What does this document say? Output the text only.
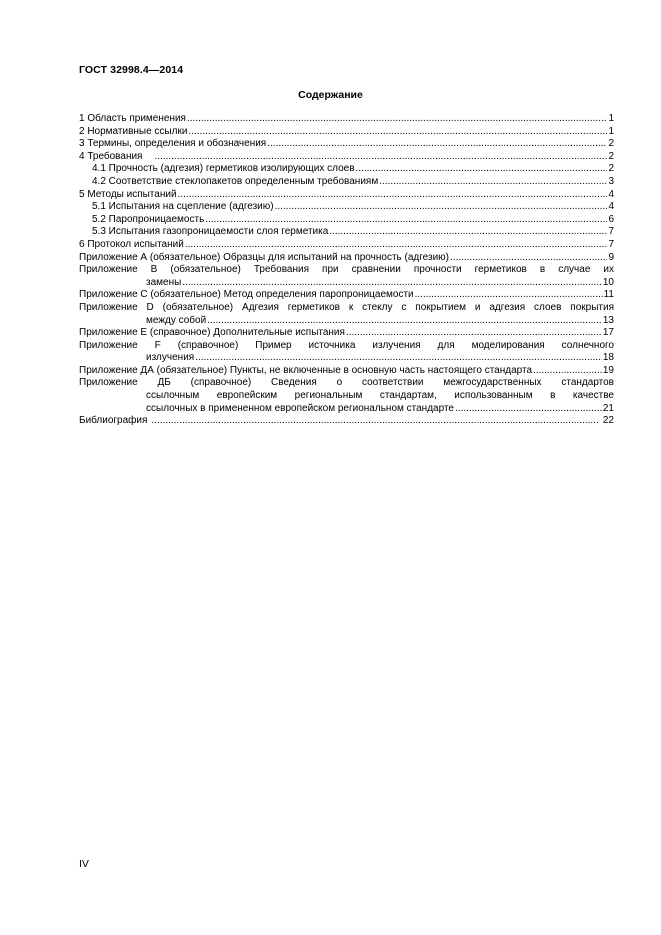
ГОСТ 32998.4—2014
Содержание
1 Область применения .....	1
2 Нормативные ссылки .....	1
3 Термины, определения и обозначения .....	2
4 Требования .....	2
4.1 Прочность (адгезия) герметиков изолирующих слоев .....	2
4.2 Соответствие стеклопакетов определенным требованиям .....	3
5 Методы испытаний .....	4
5.1 Испытания на сцепление (адгезию) .....	4
5.2 Паропроницаемость .....	6
5.3 Испытания газопроницаемости слоя герметика .....	7
6 Протокол испытаний .....	7
Приложение А (обязательное) Образцы для испытаний на прочность (адгезию) .....	9
Приложение В (обязательное) Требования при сравнении прочности герметиков в случае их
замены .....	10
Приложение С (обязательное) Метод определения паропроницаемости .....	11
Приложение D (обязательное) Адгезия герметиков к стеклу с покрытием и адгезия слоев покрытия
между собой .....	13
Приложение Е (справочное) Дополнительные испытания .....	17
Приложение F (справочное) Пример источника излучения для моделирования солнечного
излучения .....	18
Приложение ДА (обязательное) Пункты, не включенные в основную часть настоящего стандарта .....	19
Приложение ДБ (справочное) Сведения о соответствии межгосударственных стандартов
ссылочным европейским региональным стандартам, использованным в качестве
ссылочных в примененном европейском региональном стандарте .....	21
Библиография .....	22
IV
